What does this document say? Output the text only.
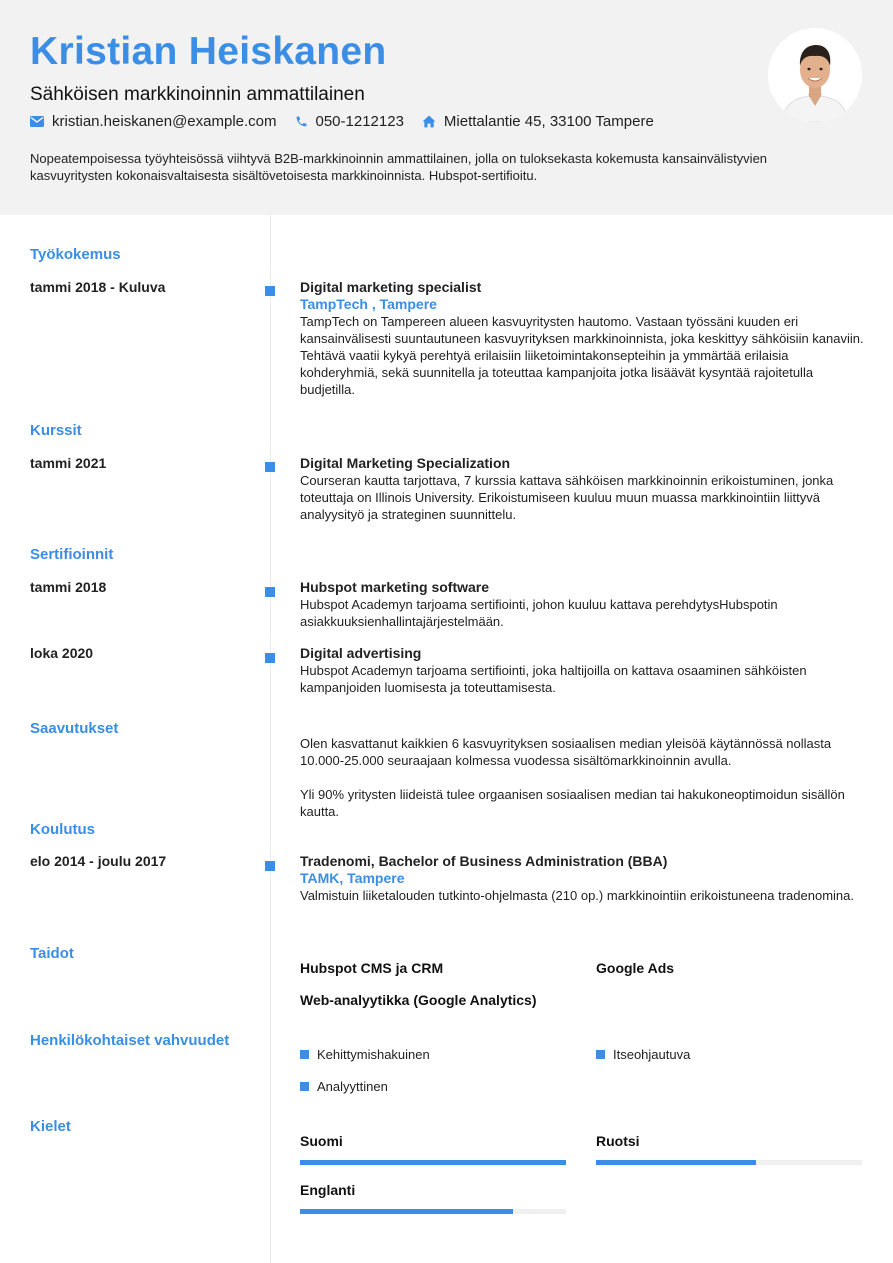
Kristian Heiskanen
Sähköisen markkinoinnin ammattilainen
kristian.heiskanen@example.com	050-1212123	Miettalantie 45, 33100 Tampere
Nopeatempoisessa työyhteisössä viihtyvä B2B-markkinoinnin ammattilainen, jolla on tuloksekasta kokemusta kansainvälistyvien kasvuyritysten kokonaisvaltaisesta sisältövetoisesta markkinoinnista. Hubspot-sertifioitu.
Työkokemus
tammi 2018 - Kuluva	Digital marketing specialist
TampTech , Tampere
TampTech on Tampereen alueen kasvuyritysten hautomo. Vastaan työssäni kuuden eri kansainvälisesti suuntautuneen kasvuyrityksen markkinoinnista, joka keskittyy sähköisiin kanaviin. Tehtävä vaatii kykyä perehtyä erilaisiin liiketoimintakonsepteihin ja ymmärtää erilaisia kohderyhmiä, sekä suunnitella ja toteuttaa kampanjoita jotka lisäävät kysyntää rajoitetulla budjetilla.
Kurssit
tammi 2021	Digital Marketing Specialization
Courseran kautta tarjottava, 7 kurssia kattava sähköisen markkinoinnin erikoistuminen, jonka toteuttaja on Illinois University. Erikoistumiseen kuuluu muun muassa markkinointiin liittyvä analyysityö ja strateginen suunnittelu.
Sertifioinnit
tammi 2018	Hubspot marketing software
Hubspot Academyn tarjoama sertifiointi, johon kuuluu kattava perehdytysHubspotin asiakkuuksienhallintajärjestelmään.
loka 2020	Digital advertising
Hubspot Academyn tarjoama sertifiointi, joka haltijoilla on kattava osaaminen sähköisten kampanjoiden luomisesta ja toteuttamisesta.
Saavutukset
Olen kasvattanut kaikkien 6 kasvuyrityksen sosiaalisen median yleisöä käytännössä nollasta 10.000-25.000 seuraajaan kolmessa vuodessa sisältömarkkinoinnin avulla.
Yli 90% yritysten liideistä tulee orgaanisen sosiaalisen median tai hakukoneoptimoidun sisällön kautta.
Koulutus
elo 2014 - joulu 2017	Tradenomi, Bachelor of Business Administration (BBA)
TAMK, Tampere
Valmistuin liiketalouden tutkinto-ohjelmasta (210 op.) markkinointiin erikoistuneena tradenomina.
Taidot
Hubspot CMS ja CRM	Google Ads
Web-analyytikka (Google Analytics)
Henkilökohtaiset vahvuudet
Kehittymishakuinen	Itseohjautuva
Analyyttinen
Kielet
Suomi	Ruotsi
Englanti
